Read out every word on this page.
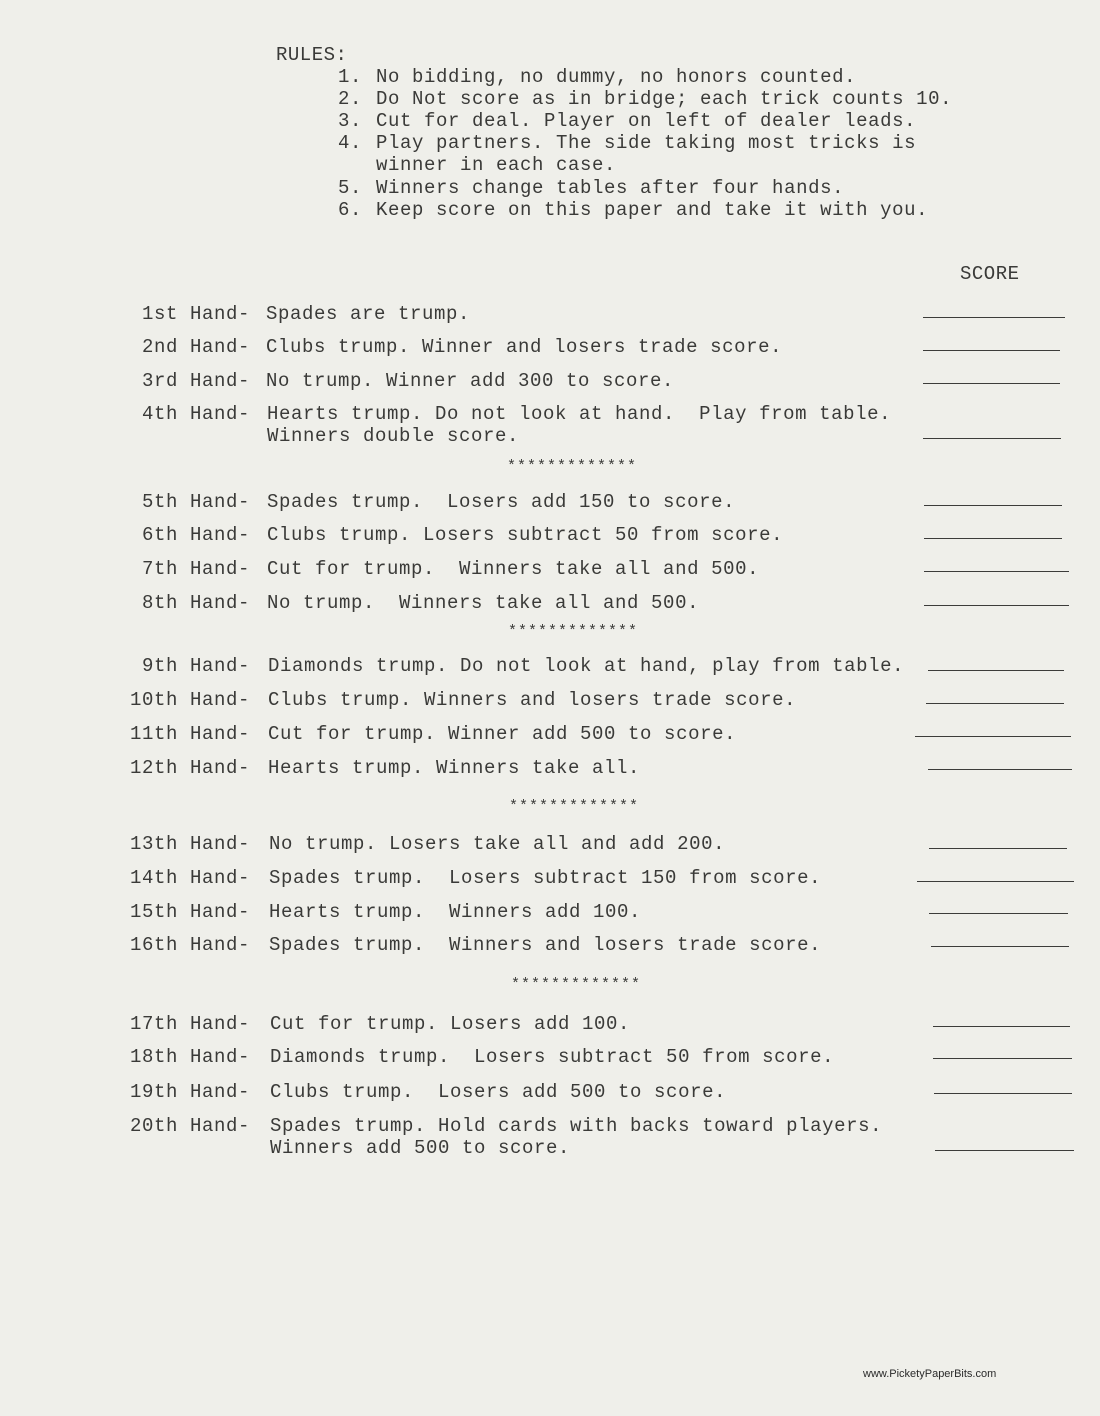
RULES:
1. No bidding, no dummy, no honors counted.
2. Do Not score as in bridge; each trick counts 10.
3. Cut for deal. Player on left of dealer leads.
4. Play partners. The side taking most tricks is winner in each case.
5. Winners change tables after four hands.
6. Keep score on this paper and take it with you.
SCORE
1st Hand- Spades are trump.
2nd Hand- Clubs trump. Winner and losers trade score.
3rd Hand- No trump. Winner add 300 to score.
4th Hand- Hearts trump. Do not look at hand.  Play from table.
Winners double score.
*************
5th Hand- Spades trump.  Losers add 150 to score.
6th Hand- Clubs trump. Losers subtract 50 from score.
7th Hand- Cut for trump.  Winners take all and 500.
8th Hand- No trump.  Winners take all and 500.
*************
9th Hand- Diamonds trump. Do not look at hand, play from table.
10th Hand- Clubs trump. Winners and losers trade score.
11th Hand- Cut for trump. Winner add 500 to score.
12th Hand- Hearts trump. Winners take all.
*************
13th Hand- No trump. Losers take all and add 200.
14th Hand- Spades trump.  Losers subtract 150 from score.
15th Hand- Hearts trump.  Winners add 100.
16th Hand- Spades trump.  Winners and losers trade score.
*************
17th Hand- Cut for trump. Losers add 100.
18th Hand- Diamonds trump.  Losers subtract 50 from score.
19th Hand- Clubs trump.  Losers add 500 to score.
20th Hand- Spades trump. Hold cards with backs toward players.
Winners add 500 to score.
www.PicketyPaperBits.com
